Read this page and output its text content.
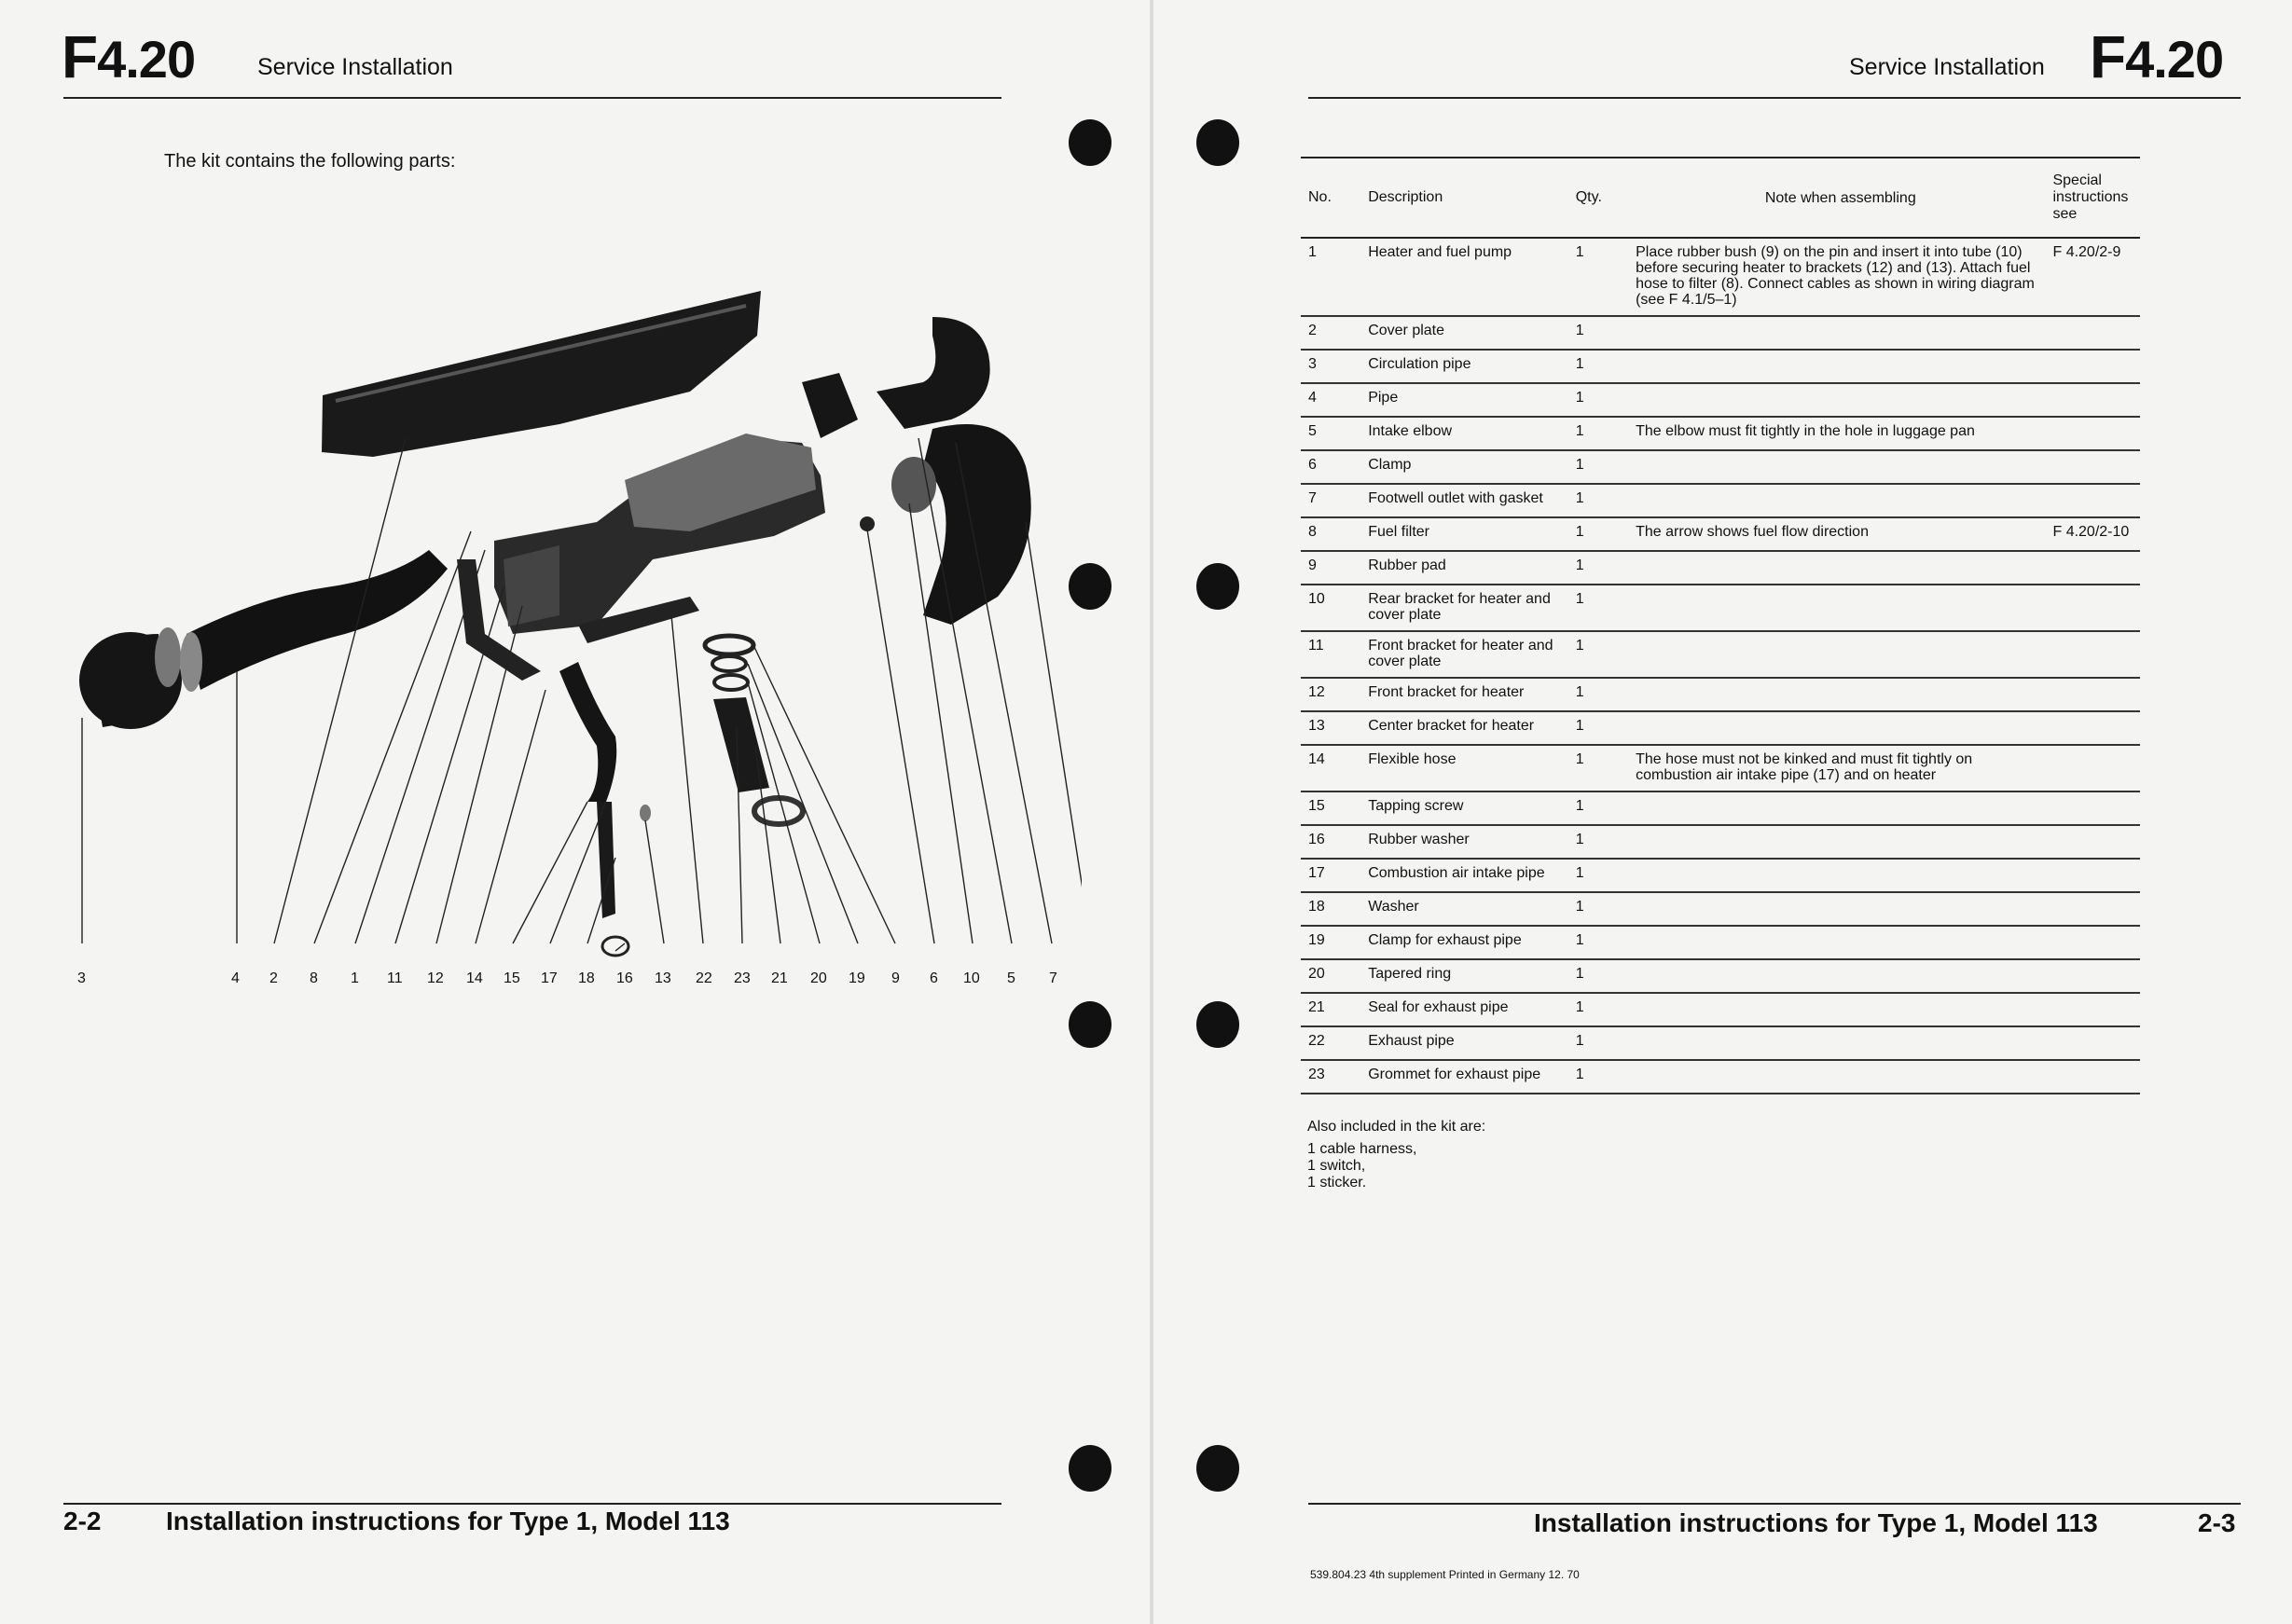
F4.20	Service Installation
The kit contains the following parts:
3	4 2 8 1 11 12 14 15 17 18 16 13 22 23 21 20 19 9 6 10 5 7
2-2 Installation instructions for Type 1, Model 113
Service Installation F4.20
No.	Description	Qty.	Note when assembling	Special
instructions
see

1	Heater and fuel pump	1	Place rubber bush (9) on the pin and insert it into tube (10) before securing heater to brackets (12) and (13). Attach fuel hose to filter (8). Connect cables as shown in wiring diagram (see F 4.1/5–1)	F 4.20/2-9
2	Cover plate	1		
3	Circulation pipe	1		
4	Pipe	1		
5	Intake elbow	1	The elbow must fit tightly in the hole in luggage pan	
6	Clamp	1		
7	Footwell outlet with gasket	1		
8	Fuel filter	1	The arrow shows fuel flow direction	F 4.20/2-10
9	Rubber pad	1		
10	Rear bracket for heater and cover plate	1		
11	Front bracket for heater and cover plate	1		
12	Front bracket for heater	1		
13	Center bracket for heater	1		
14	Flexible hose	1	The hose must not be kinked and must fit tightly on combustion air intake pipe (17) and on heater	
15	Tapping screw	1		
16	Rubber washer	1		
17	Combustion air intake pipe	1		
18	Washer	1		
19	Clamp for exhaust pipe	1		
20	Tapered ring	1		
21	Seal for exhaust pipe	1		
22	Exhaust pipe	1		
23	Grommet for exhaust pipe	1		
Also included in the kit are:
1 cable harness,
1 switch,
1 sticker.
Installation instructions for Type 1, Model 113	2-3
539.804.23 4th supplement Printed in Germany 12. 70
